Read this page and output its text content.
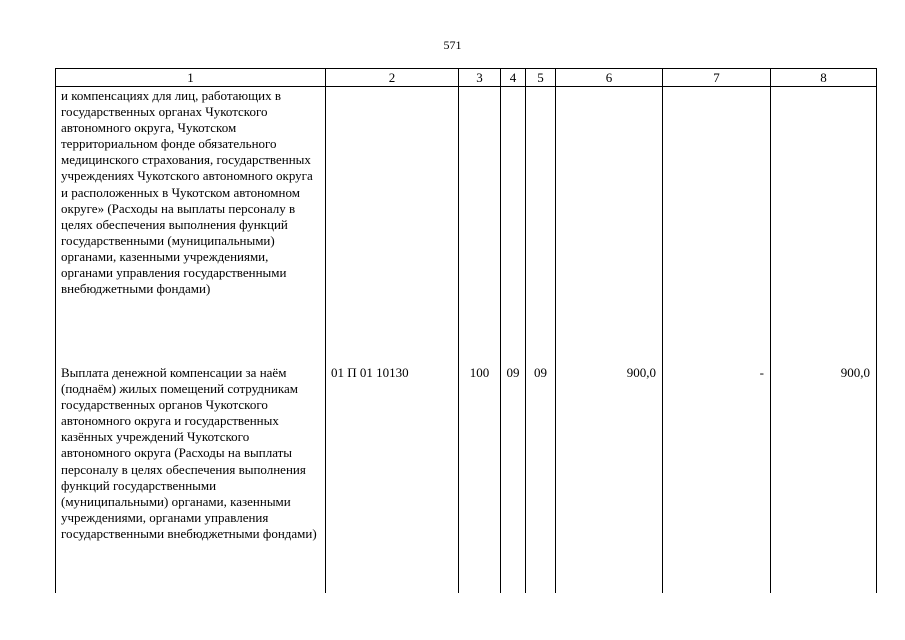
571
1	2	3	4	5	6	7	8
и компенсациях для лиц, работающих в государственных органах Чукотского автономного округа, Чукотском территориальном фонде обязательного медицинского страхования, государственных учреждениях Чукотского автономного округа и расположенных в Чукотском автономном округе» (Расходы на выплаты персоналу в целях обеспечения выполнения функций государственными (муниципальными) органами, казенными учреждениями, органами управления государственными внебюджетными фондами)							
Выплата денежной компенсации за наём (поднаём) жилых помещений сотрудникам государственных органов Чукотского автономного округа и государственных казённых учреждений Чукотского автономного округа (Расходы на выплаты персоналу в целях обеспечения выполнения функций государственными (муниципальными) органами, казенными учреждениями, органами управления государственными внебюджетными фондами)	01 П 01 10130	100	09	09	900,0	-	900,0
